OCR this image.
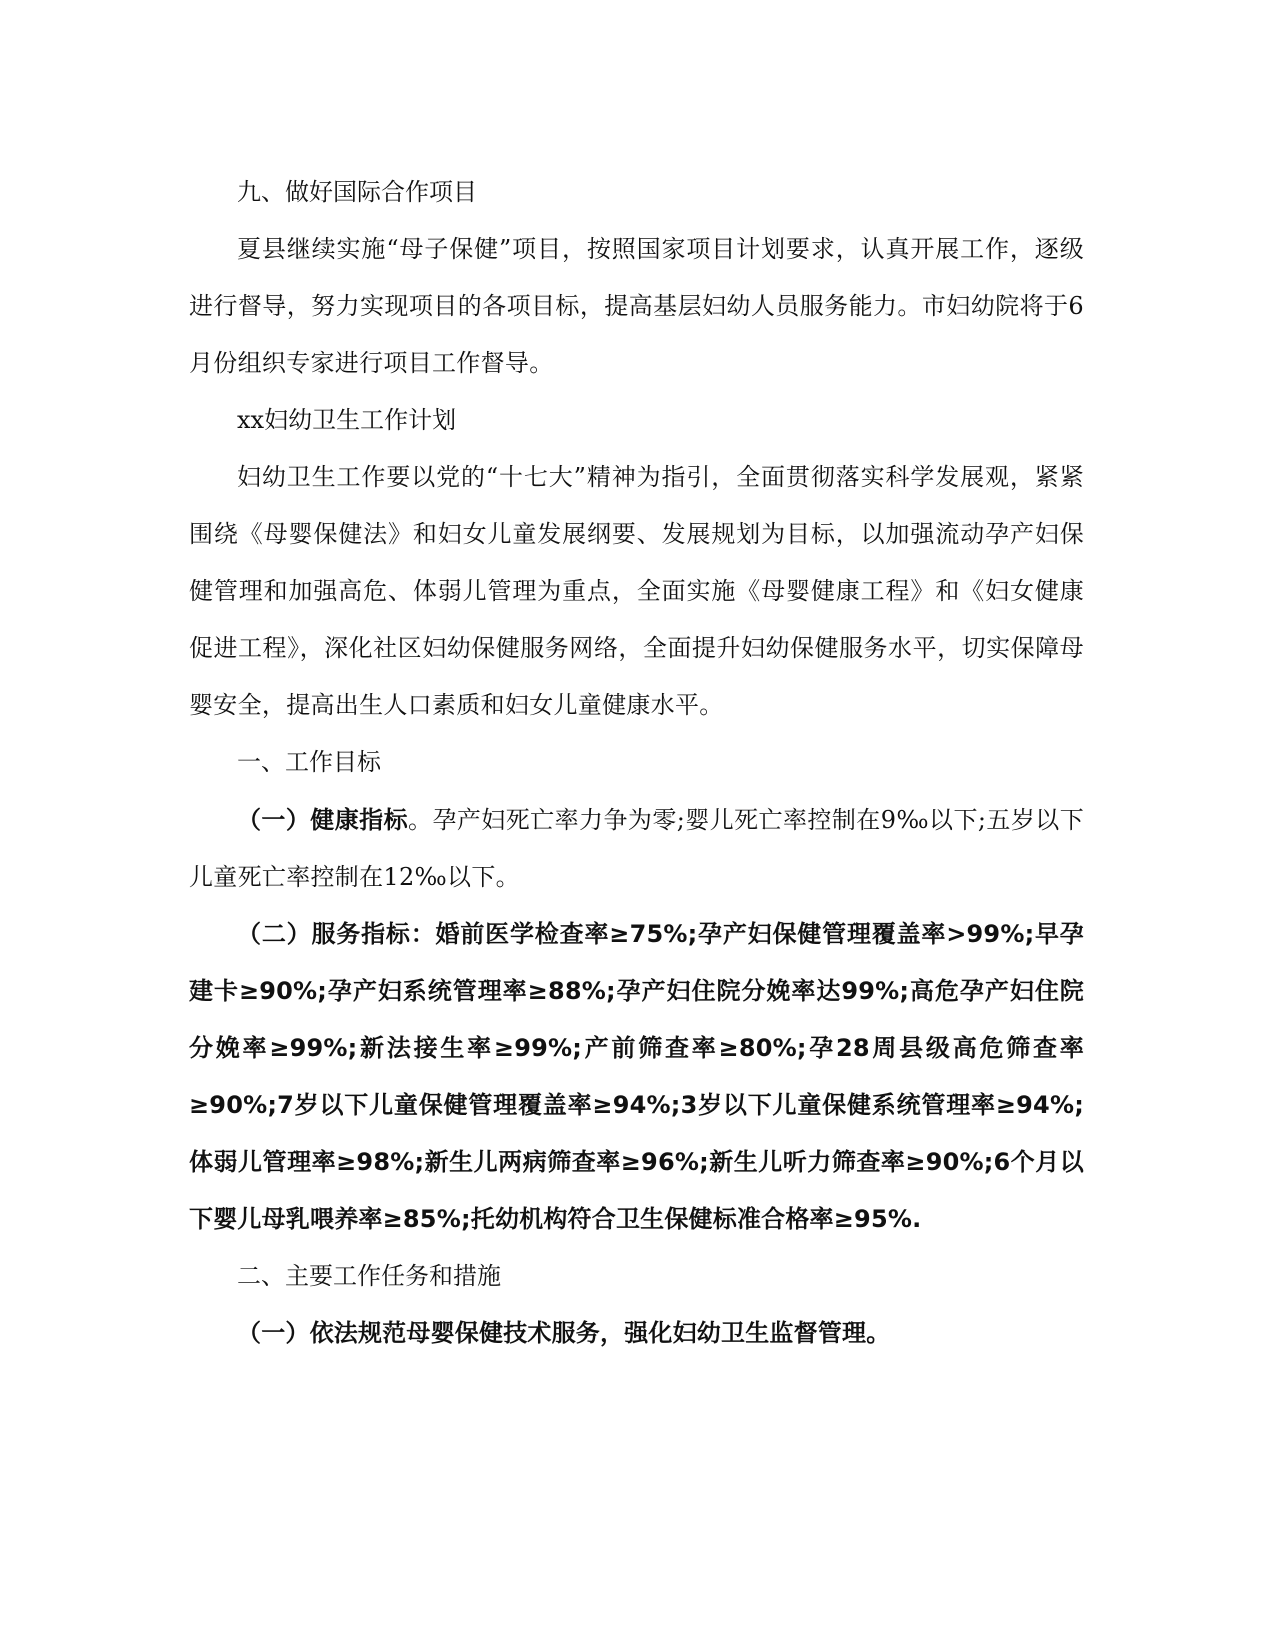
九、做好国际合作项目

夏县继续实施“母子保健”项目，按照国家项目计划要求，认真开展工作，逐级进行督导，努力实现项目的各项目标，提高基层妇幼人员服务能力。市妇幼院将于6月份组织专家进行项目工作督导。

xx妇幼卫生工作计划

妇幼卫生工作要以党的“十七大”精神为指引，全面贯彻落实科学发展观，紧紧围绕《母婴保健法》和妇女儿童发展纲要、发展规划为目标，以加强流动孕产妇保健管理和加强高危、体弱儿管理为重点，全面实施《母婴健康工程》和《妇女健康促进工程》，深化社区妇幼保健服务网络，全面提升妇幼保健服务水平，切实保障母婴安全，提高出生人口素质和妇女儿童健康水平。

一、工作目标

（一）健康指标。孕产妇死亡率力争为零;婴儿死亡率控制在9‰以下;五岁以下儿童死亡率控制在12‰以下。

（二）服务指标：婚前医学检查率≥75%;孕产妇保健管理覆盖率>99%;早孕建卡≥90%;孕产妇系统管理率≥88%;孕产妇住院分娩率达99%;高危孕产妇住院分娩率≥99%;新法接生率≥99%;产前筛查率≥80%;孕28周县级高危筛查率≥90%;7岁以下儿童保健管理覆盖率≥94%;3岁以下儿童保健系统管理率≥94%;体弱儿管理率≥98%;新生儿两病筛查率≥96%;新生儿听力筛查率≥90%;6个月以下婴儿母乳喂养率≥85%;托幼机构符合卫生保健标准合格率≥95%.

二、主要工作任务和措施

（一）依法规范母婴保健技术服务，强化妇幼卫生监督管理。
